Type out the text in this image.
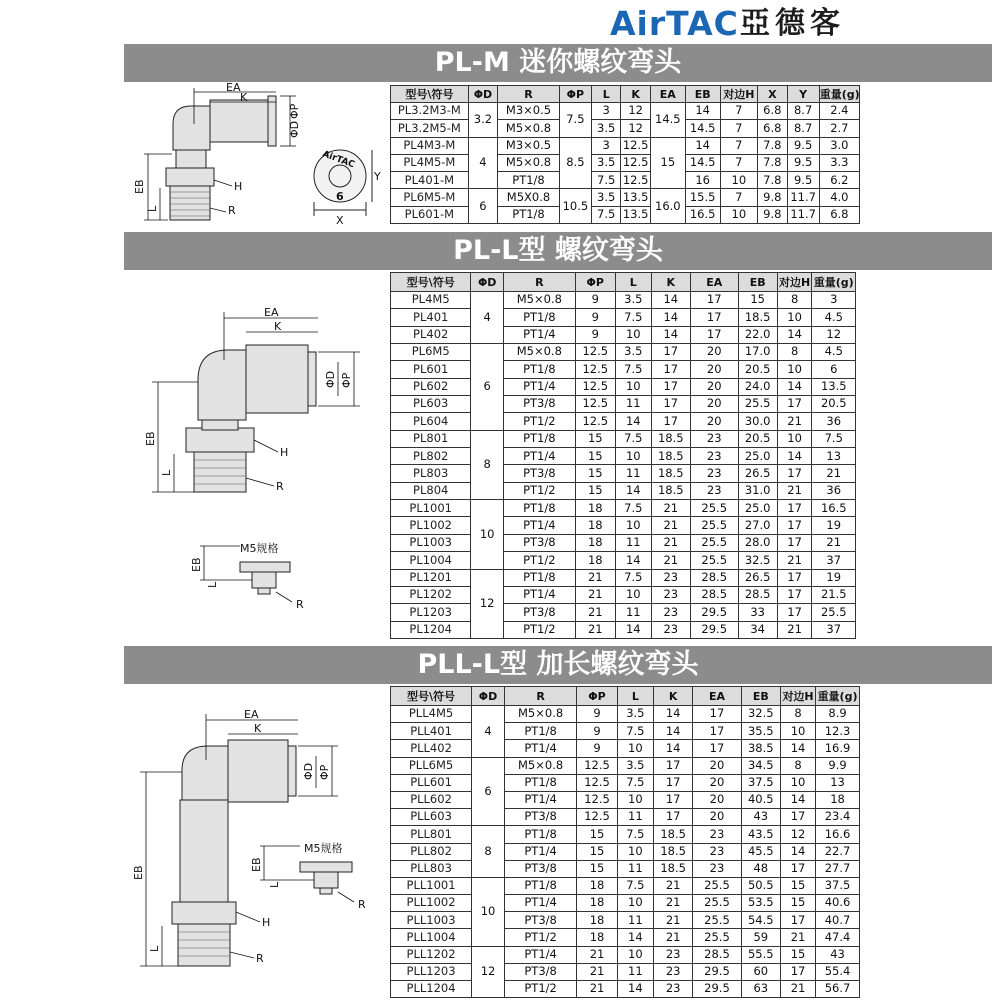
AirTAC 亞德客
PL-M 迷你螺纹弯头
PL-L型 螺纹弯头
PLL-L型 加长螺纹弯头
EA
K
ΦD
ΦP
EB
L
H
R
AirTAC
6
X
Y
EA
K
ΦD ΦP
EB
L
H
R
M5规格
EB
L
R
EA
K
ΦD ΦP
EB
L
H
R
M5规格
EB
L
R
型号\符号	ΦD	R	ΦP	L	K	EA	EB	对边H	X	Y	重量(g)
PL3.2M3-M	3.2	M3×0.5	7.5	3	12	14.5	14	7	6.8	8.7	2.4
PL3.2M5-M		M5×0.8		3.5	12		14.5	7	6.8	8.7	2.7
PL4M3-M	4	M3×0.5	8.5	3	12.5	15	14	7	7.8	9.5	3.0
PL4M5-M		M5×0.8		3.5	12.5		14.5	7	7.8	9.5	3.3
PL401-M		PT1/8		7.5	12.5		16	10	7.8	9.5	6.2
PL6M5-M	6	M5X0.8	10.5	3.5	13.5	16.0	15.5	7	9.8	11.7	4.0
PL601-M		PT1/8		7.5	13.5		16.5	10	9.8	11.7	6.8
型号\符号	ΦD	R	ΦP	L	K	EA	EB	对边H	重量(g)
PL4M5	4	M5×0.8	9	3.5	14	17	15	8	3
PL401		PT1/8	9	7.5	14	17	18.5	10	4.5
PL402		PT1/4	9	10	14	17	22.0	14	12
PL6M5	6	M5×0.8	12.5	3.5	17	20	17.0	8	4.5
PL601		PT1/8	12.5	7.5	17	20	20.5	10	6
PL602		PT1/4	12.5	10	17	20	24.0	14	13.5
PL603		PT3/8	12.5	11	17	20	25.5	17	20.5
PL604		PT1/2	12.5	14	17	20	30.0	21	36
PL801	8	PT1/8	15	7.5	18.5	23	20.5	10	7.5
PL802		PT1/4	15	10	18.5	23	25.0	14	13
PL803		PT3/8	15	11	18.5	23	26.5	17	21
PL804		PT1/2	15	14	18.5	23	31.0	21	36
PL1001	10	PT1/8	18	7.5	21	25.5	25.0	17	16.5
PL1002		PT1/4	18	10	21	25.5	27.0	17	19
PL1003		PT3/8	18	11	21	25.5	28.0	17	21
PL1004		PT1/2	18	14	21	25.5	32.5	21	37
PL1201	12	PT1/8	21	7.5	23	28.5	26.5	17	19
PL1202		PT1/4	21	10	23	28.5	28.5	17	21.5
PL1203		PT3/8	21	11	23	29.5	33	17	25.5
PL1204		PT1/2	21	14	23	29.5	34	21	37
型号\符号	ΦD	R	ΦP	L	K	EA	EB	对边H	重量(g)
PLL4M5	4	M5×0.8	9	3.5	14	17	32.5	8	8.9
PLL401		PT1/8	9	7.5	14	17	35.5	10	12.3
PLL402		PT1/4	9	10	14	17	38.5	14	16.9
PLL6M5	6	M5×0.8	12.5	3.5	17	20	34.5	8	9.9
PLL601		PT1/8	12.5	7.5	17	20	37.5	10	13
PLL602		PT1/4	12.5	10	17	20	40.5	14	18
PLL603		PT3/8	12.5	11	17	20	43	17	23.4
PLL801	8	PT1/8	15	7.5	18.5	23	43.5	12	16.6
PLL802		PT1/4	15	10	18.5	23	45.5	14	22.7
PLL803		PT3/8	15	11	18.5	23	48	17	27.7
PLL1001	10	PT1/8	18	7.5	21	25.5	50.5	15	37.5
PLL1002		PT1/4	18	10	21	25.5	53.5	15	40.6
PLL1003		PT3/8	18	11	21	25.5	54.5	17	40.7
PLL1004		PT1/2	18	14	21	25.5	59	21	47.4
PLL1202	12	PT1/4	21	10	23	28.5	55.5	15	43
PLL1203		PT3/8	21	11	23	29.5	60	17	55.4
PLL1204		PT1/2	21	14	23	29.5	63	21	56.7
